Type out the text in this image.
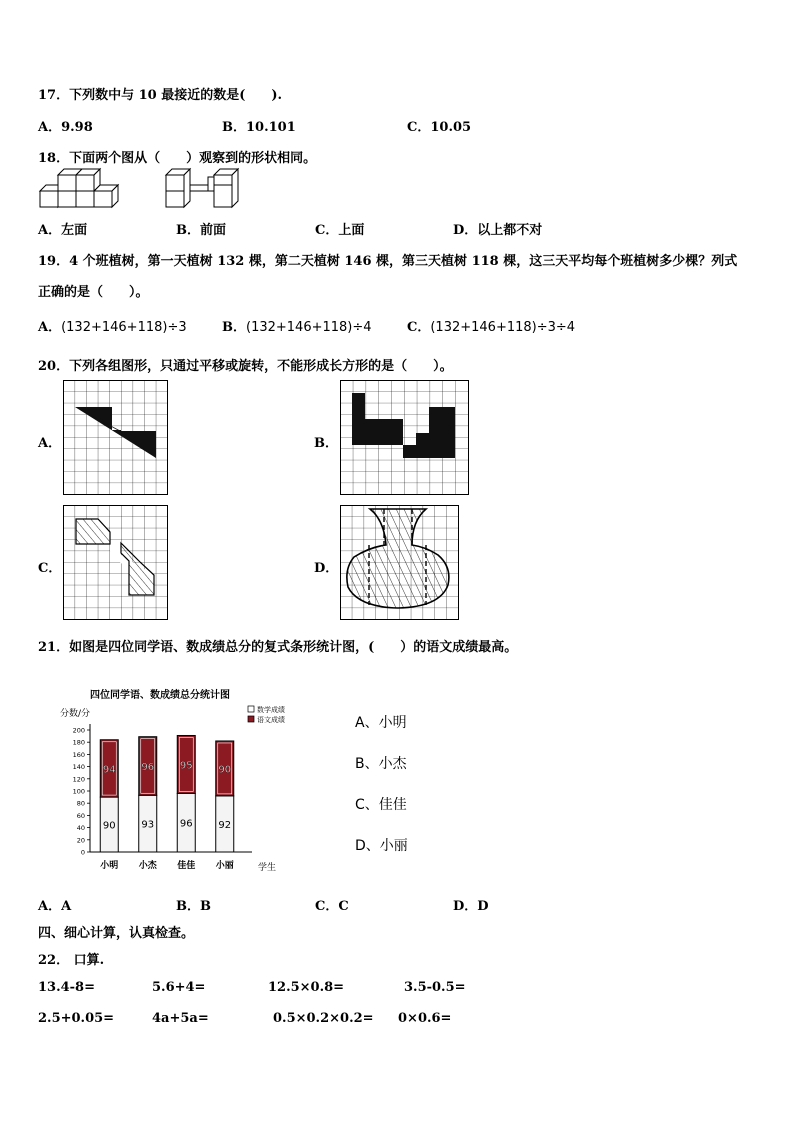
17．下列数中与 10 最接近的数是(　　).
A．9.98	B．10.101	C．10.05
18．下面两个图从（　　）观察到的形状相同。
A．左面	B．前面	C．上面	D．以上都不对
19．4 个班植树，第一天植树 132 棵，第二天植树 146 棵，第三天植树 118 棵，这三天平均每个班植树多少棵？列式
正确的是（　　）。
A．(132+146+118)÷3	B．(132+146+118)÷4	C．(132+146+118)÷3÷4
20．下列各组图形，只通过平移或旋转，不能形成长方形的是（　　）。
A．	B．
C．	D．
21．如图是四位同学语、数成绩总分的复式条形统计图，(　　）的语文成绩最高。
四位同学语、数成绩总分统计图
分数/分
200
180
160
140
120
100
80
60
40
20
0
94
90
96
93
95
96
90
92
小明 小杰 佳佳 小丽
数学成绩
语文成绩
学生
A、小明
B、小杰
C、佳佳
D、小丽
A．A	B．B	C．C	D．D
四、细心计算，认真检查。
22． 口算.
13.4-8=	5.6+4=	12.5×0.8=	3.5-0.5=
2.5+0.05=	4a+5a=	0.5×0.2×0.2= 0×0.6=
